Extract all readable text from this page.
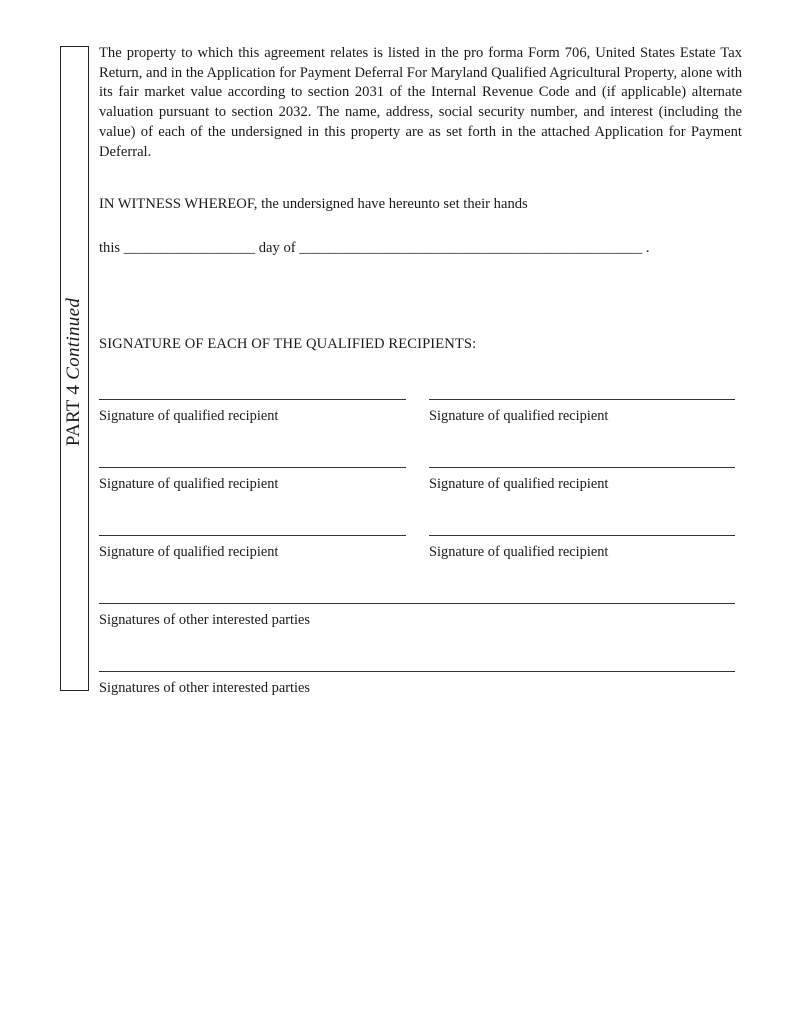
PART 4 Continued

The property to which this agreement relates is listed in the pro forma Form 706, United States Estate Tax Return, and in the Application for Payment Deferral For Maryland Qualified Agricultural Property, alone with its fair market value according to section 2031 of the Internal Revenue Code and (if applicable) alternate valuation pursuant to section 2032. The name, address, social security number, and interest (including the value) of each of the undersigned in this property are as set forth in the attached Application for Payment Deferral.

IN WITNESS WHEREOF, the undersigned have hereunto set their hands
this __________________ day of _______________________________________________ .
SIGNATURE OF EACH OF THE QUALIFIED RECIPIENTS:
Signature of qualified recipient	Signature of qualified recipient
Signature of qualified recipient	Signature of qualified recipient
Signature of qualified recipient	Signature of qualified recipient
Signatures of other interested parties
Signatures of other interested parties
